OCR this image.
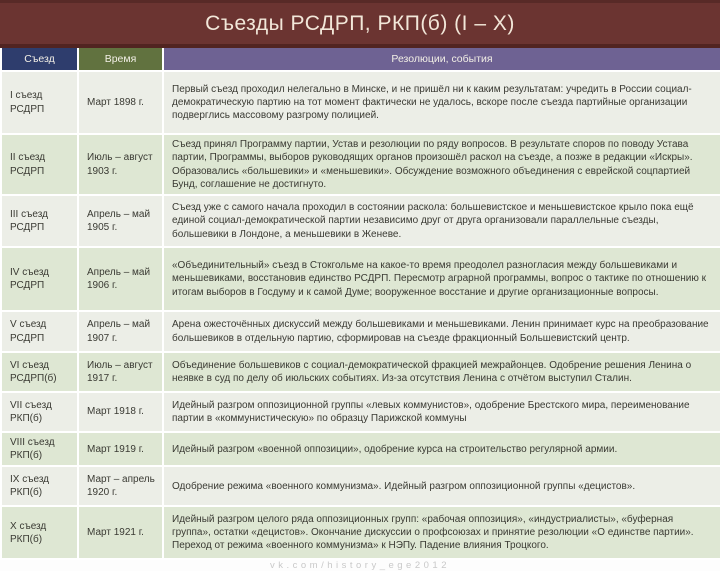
Съезды РСДРП, РКП(б) (I – X)
Съезд	Время	Резолюции, события
I съезд РСДРП	Март 1898 г.	Первый съезд проходил нелегально в Минске, и не пришёл ни к каким результатам: учредить в России социал-демократическую партию на тот момент фактически не удалось, вскоре после съезда партийные организации подверглись массовому разгрому полицией.
II съезд РСДРП	Июль – август 1903 г.	Съезд принял Программу партии, Устав и резолюции по ряду вопросов. В результате споров по поводу Устава партии, Программы, выборов руководящих органов произошёл раскол на съезде, а позже в редакции «Искры». Образовались «большевики» и «меньшевики». Обсуждение возможного объединения с еврейской соцпартией Бунд, соглашение не достигнуто.
III съезд РСДРП	Апрель – май 1905 г.	Съезд уже с самого начала проходил в состоянии раскола: большевистское и меньшевистское крыло пока ещё единой социал-демократической партии независимо друг от друга организовали параллельные съезды, большевики в Лондоне, а меньшевики в Женеве.
IV съезд РСДРП	Апрель – май 1906 г.	«Объединительный» съезд в Стокгольме на какое-то время преодолел разногласия между большевиками и меньшевиками, восстановив единство РСДРП. Пересмотр аграрной программы, вопрос о тактике по отношению к итогам выборов в Госдуму и к самой Думе; вооруженное восстание и другие организационные вопросы.
V съезд РСДРП	Апрель – май 1907 г.	Арена ожесточённых дискуссий между большевиками и меньшевиками. Ленин принимает курс на преобразование большевиков в отдельную партию, сформировав на съезде фракционный Большевистский центр.
VI съезд РСДРП(б)	Июль – август 1917 г.	Объединение большевиков с социал-демократической фракцией межрайонцев. Одобрение решения Ленина о неявке в суд по делу об июльских событиях. Из-за отсутствия Ленина с отчётом выступил Сталин.
VII съезд РКП(б)	Март 1918 г.	Идейный разгром оппозиционной группы «левых коммунистов», одобрение Брестского мира, переименование партии в «коммунистическую» по образцу Парижской коммуны
VIII съезд РКП(б)	Март 1919 г.	Идейный разгром «военной оппозиции», одобрение курса на строительство регулярной армии.
IX съезд РКП(б)	Март – апрель 1920 г.	Одобрение режима «военного коммунизма». Идейный разгром оппозиционной группы «децистов».
X съезд РКП(б)	Март 1921 г.	Идейный разгром целого ряда оппозиционных групп: «рабочая оппозиция», «индустриалисты», «буферная группа», остатки «децистов». Окончание дискуссии о профсоюзах и принятие резолюции «О единстве партии». Переход от режима «военного коммунизма» к НЭПу. Падение влияния Троцкого.
vk.com/history_ege2012
